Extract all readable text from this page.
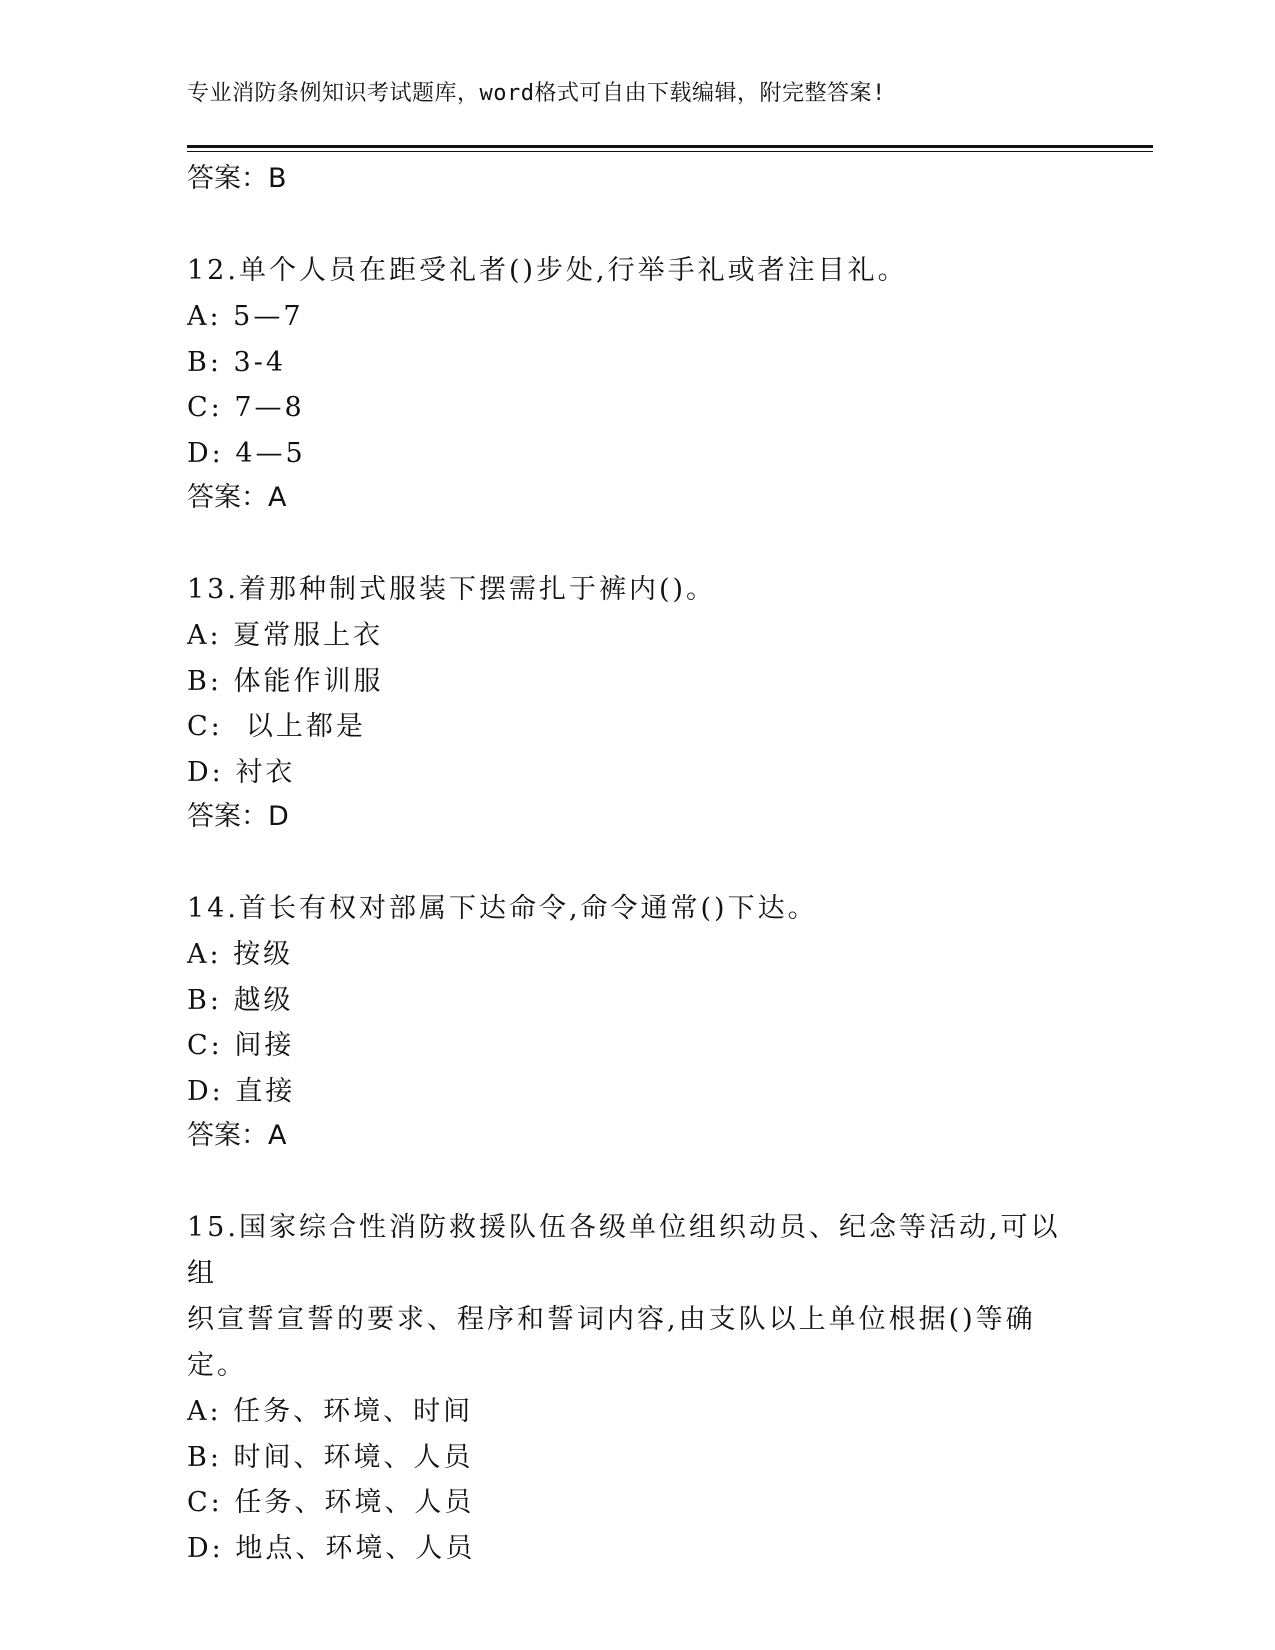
专业消防条例知识考试题库，word格式可自由下载编辑，附完整答案!

答案：B

12.单个人员在距受礼者()步处,行举手礼或者注目礼。

A: 5—7

B: 3-4

C: 7—8

D: 4—5

答案：A

13.着那种制式服装下摆需扎于裤内()。

A: 夏常服上衣

B: 体能作训服

C:  以上都是

D: 衬衣

答案：D

14.首长有权对部属下达命令,命令通常()下达。

A: 按级

B: 越级

C: 间接

D: 直接

答案：A

15.国家综合性消防救援队伍各级单位组织动员、纪念等活动,可以组

织宣誓宣誓的要求、程序和誓词内容,由支队以上单位根据()等确定。

A: 任务、环境、时间

B: 时间、环境、人员

C: 任务、环境、人员

D: 地点、环境、人员
